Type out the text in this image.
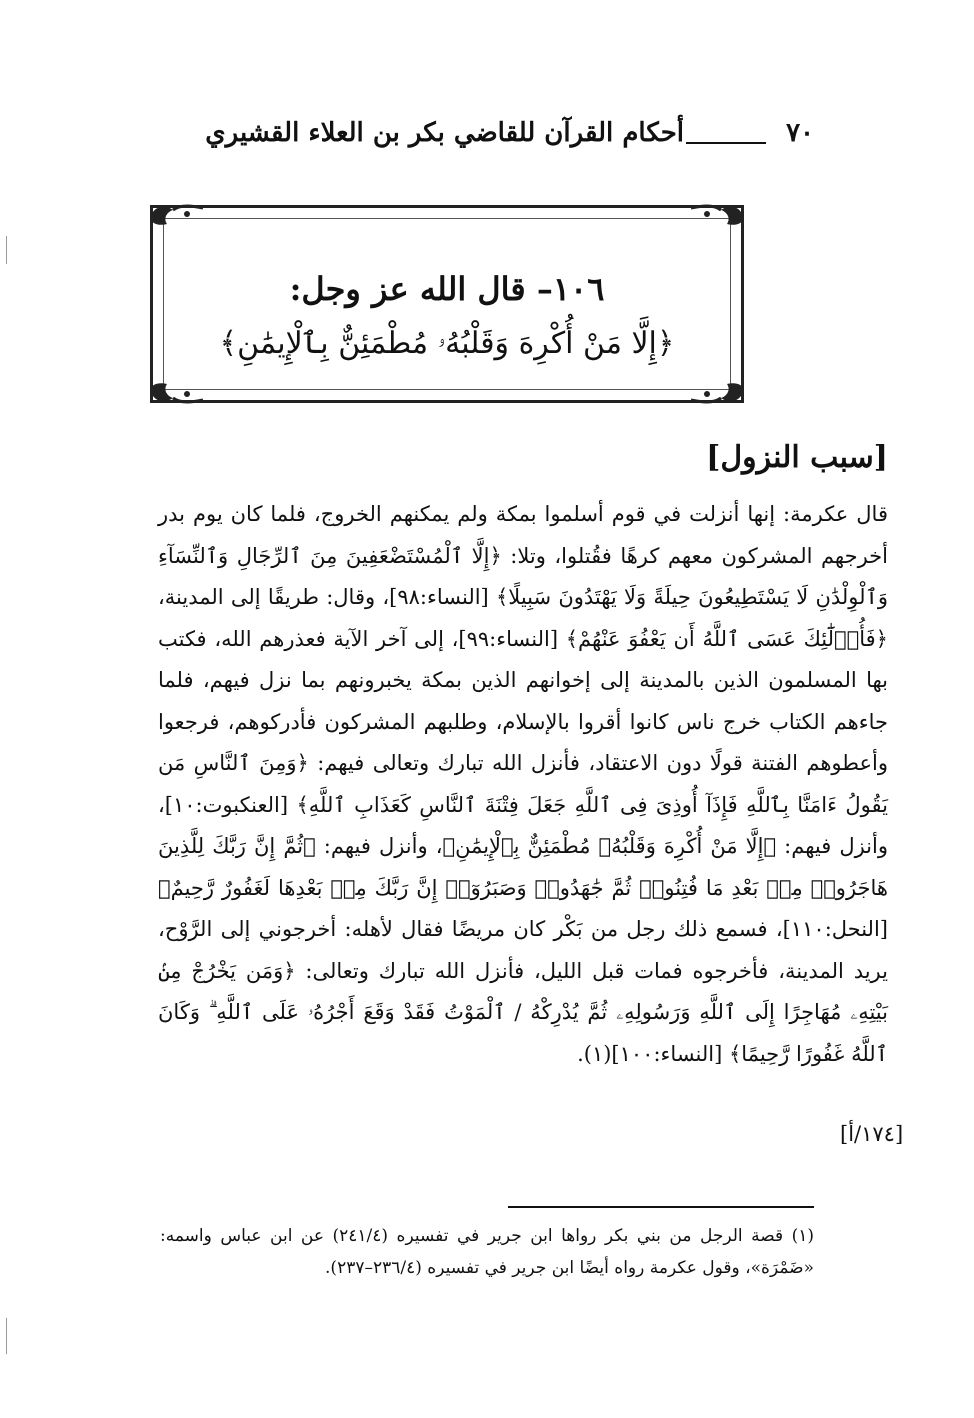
٧٠
أحكام القرآن للقاضي بكر بن العلاء القشيري
١٠٦– قال الله عز وجل:
﴿إِلَّا مَنْ أُكْرِهَ وَقَلْبُهُۥ مُطْمَئِنٌّ بِٱلْإِيمَٰنِ﴾
[سبب النزول]

قال عكرمة: إنها أنزلت في قوم أسلموا بمكة ولم يمكنهم الخروج، فلما كان يوم بدر أخرجهم المشركون معهم كرهًا فقُتلوا، وتلا: ﴿إِلَّا ٱلْمُسْتَضْعَفِينَ مِنَ ٱلرِّجَالِ وَٱلنِّسَآءِ وَٱلْوِلْدَٰنِ لَا يَسْتَطِيعُونَ حِيلَةً وَلَا يَهْتَدُونَ سَبِيلًا﴾ [النساء:٩٨]، وقال: طريقًا إلى المدينة، ﴿فَأُو۟لَٰٓئِكَ عَسَى ٱللَّهُ أَن يَعْفُوَ عَنْهُمْ﴾ [النساء:٩٩]، إلى آخر الآية فعذرهم الله، فكتب بها المسلمون الذين بالمدينة إلى إخوانهم الذين بمكة يخبرونهم بما نزل فيهم، فلما جاءهم الكتاب خرج ناس كانوا أقروا بالإسلام، وطلبهم المشركون فأدركوهم، فرجعوا وأعطوهم الفتنة قولًا دون الاعتقاد، فأنزل الله تبارك وتعالى فيهم: ﴿وَمِنَ ٱلنَّاسِ مَن يَقُولُ ءَامَنَّا بِٱللَّهِ فَإِذَآ أُوذِىَ فِى ٱللَّهِ جَعَلَ فِتْنَةَ ٱلنَّاسِ كَعَذَابِ ٱللَّهِ﴾ [العنكبوت:١٠]، وأنزل فيهم: ﴿إِلَّا مَنْ أُكْرِهَ وَقَلْبُهُۥ مُطْمَئِنٌّ بِٱلْإِيمَٰنِ﴾، وأنزل فيهم: ﴿ثُمَّ إِنَّ رَبَّكَ لِلَّذِينَ هَاجَرُوا۟ مِنۢ بَعْدِ مَا فُتِنُوا۟ ثُمَّ جَٰهَدُوا۟ وَصَبَرُوٓا۟ إِنَّ رَبَّكَ مِنۢ بَعْدِهَا لَغَفُورٌ رَّحِيمٌ﴾ [النحل:١١٠]، فسمع ذلك رجل من بَكْر كان مريضًا فقال لأهله: أخرجوني إلى الرَّوْح، يريد المدينة، فأخرجوه فمات قبل الليل، فأنزل الله تبارك وتعالى: ﴿وَمَن يَخْرُجْ مِنۢ بَيْتِهِۦ مُهَاجِرًا إِلَى ٱللَّهِ وَرَسُولِهِۦ ثُمَّ يُدْرِكْهُ / ٱلْمَوْتُ فَقَدْ وَقَعَ أَجْرُهُۥ عَلَى ٱللَّهِ ۗ وَكَانَ ٱللَّهُ غَفُورًا رَّحِيمًا﴾ [النساء:١٠٠](١).

[١٧٤/أ]

(١) قصة الرجل من بني بكر رواها ابن جرير في تفسيره (٢٤١/٤) عن ابن عباس واسمه: «ضَمْرَة»، وقول عكرمة رواه أيضًا ابن جرير في تفسيره (٢٣٦/٤–٢٣٧).
